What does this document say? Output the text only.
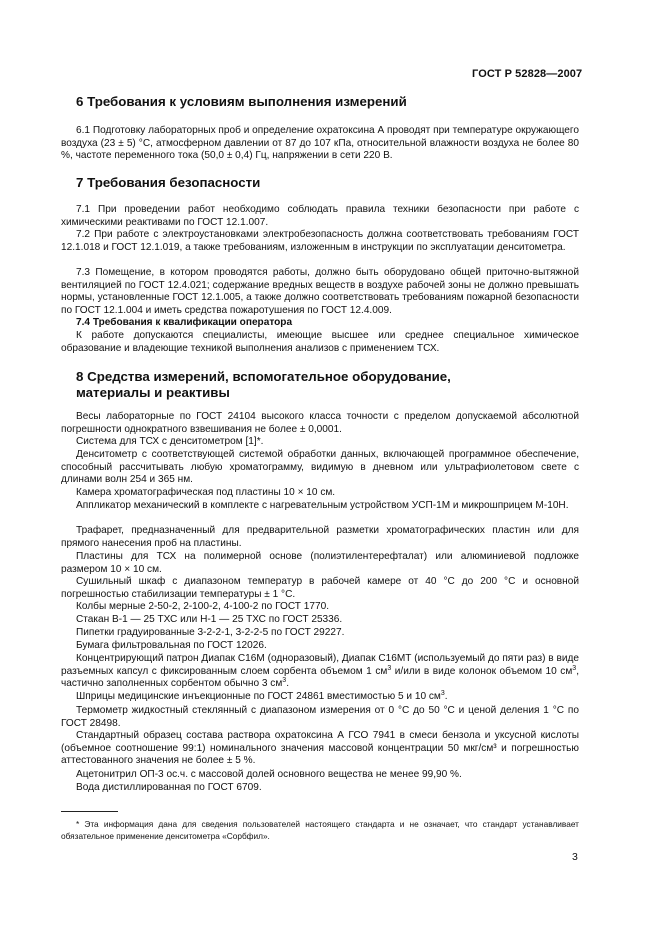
ГОСТ Р 52828—2007
6 Требования к условиям выполнения измерений
6.1 Подготовку лабораторных проб и определение охратоксина А проводят при температуре окружающего воздуха (23 ± 5) °С, атмосферном давлении от 87 до 107 кПа, относительной влажности воздуха не более 80 %, частоте переменного тока (50,0 ± 0,4) Гц, напряжении в сети 220 В.
7 Требования безопасности
7.1 При проведении работ необходимо соблюдать правила техники безопасности при работе с химическими реактивами по ГОСТ 12.1.007.
7.2 При работе с электроустановками электробезопасность должна соответствовать требованиям ГОСТ 12.1.018 и ГОСТ 12.1.019, а также требованиям, изложенным в инструкции по эксплуатации денситометра.
7.3 Помещение, в котором проводятся работы, должно быть оборудовано общей приточно-вытяжной вентиляцией по ГОСТ 12.4.021; содержание вредных веществ в воздухе рабочей зоны не должно превышать нормы, установленные ГОСТ 12.1.005, а также должно соответствовать требованиям пожарной безопасности по ГОСТ 12.1.004 и иметь средства пожаротушения по ГОСТ 12.4.009.
7.4 Требования к квалификации оператора
К работе допускаются специалисты, имеющие высшее или среднее специальное химическое образование и владеющие техникой выполнения анализов с применением ТСХ.
8 Средства измерений, вспомогательное оборудование,
материалы и реактивы
Весы лабораторные по ГОСТ 24104 высокого класса точности с пределом допускаемой абсолютной погрешности однократного взвешивания не более ± 0,0001.
Система для ТСХ с денситометром [1]*.
Денситометр с соответствующей системой обработки данных, включающей программное обеспечение, способный рассчитывать любую хроматограмму, видимую в дневном или ультрафиолетовом свете с длинами волн 254 и 365 нм.
Камера хроматографическая под пластины 10 × 10 см.
Аппликатор механический в комплекте с нагревательным устройством УСП-1М и микрошприцем М-10Н.
Трафарет, предназначенный для предварительной разметки хроматографических пластин или для прямого нанесения проб на пластины.
Пластины для ТСХ на полимерной основе (полиэтилентерефталат) или алюминиевой подложке размером 10 × 10 см.
Сушильный шкаф с диапазоном температур в рабочей камере от 40 °С до 200 °С и основной погрешностью стабилизации температуры ± 1 °С.
Колбы мерные 2-50-2, 2-100-2, 4-100-2 по ГОСТ 1770.
Стакан В-1 — 25 ТХС или Н-1 — 25 ТХС по ГОСТ 25336.
Пипетки градуированные 3-2-2-1, 3-2-2-5 по ГОСТ 29227.
Бумага фильтровальная по ГОСТ 12026.
Концентрирующий патрон Диапак С16М (одноразовый), Диапак С16МТ (используемый до пяти раз) в виде разъемных капсул с фиксированным слоем сорбента объемом 1 $см^3$ и/или в виде колонок объемом 10 $см^3$, частично заполненных сорбентом обычно 3 $см^3$.
Шприцы медицинские инъекционные по ГОСТ 24861 вместимостью 5 и 10 $см^3$.
Термометр жидкостный стеклянный с диапазоном измерения от 0 °С до 50 °С и ценой деления 1 °С по ГОСТ 28498.
Стандартный образец состава раствора охратоксина А ГСО 7941 в смеси бензола и уксусной кислоты (объемное соотношение 99:1) номинального значения массовой концентрации 50 мкг/см³ и погрешностью аттестованного значения не более ± 5 %.
Ацетонитрил ОП-3 ос.ч. с массовой долей основного вещества не менее 99,90 %.
Вода дистиллированная по ГОСТ 6709.
* Эта информация дана для сведения пользователей настоящего стандарта и не означает, что стандарт устанавливает обязательное применение денситометра «Сорбфил».
3
